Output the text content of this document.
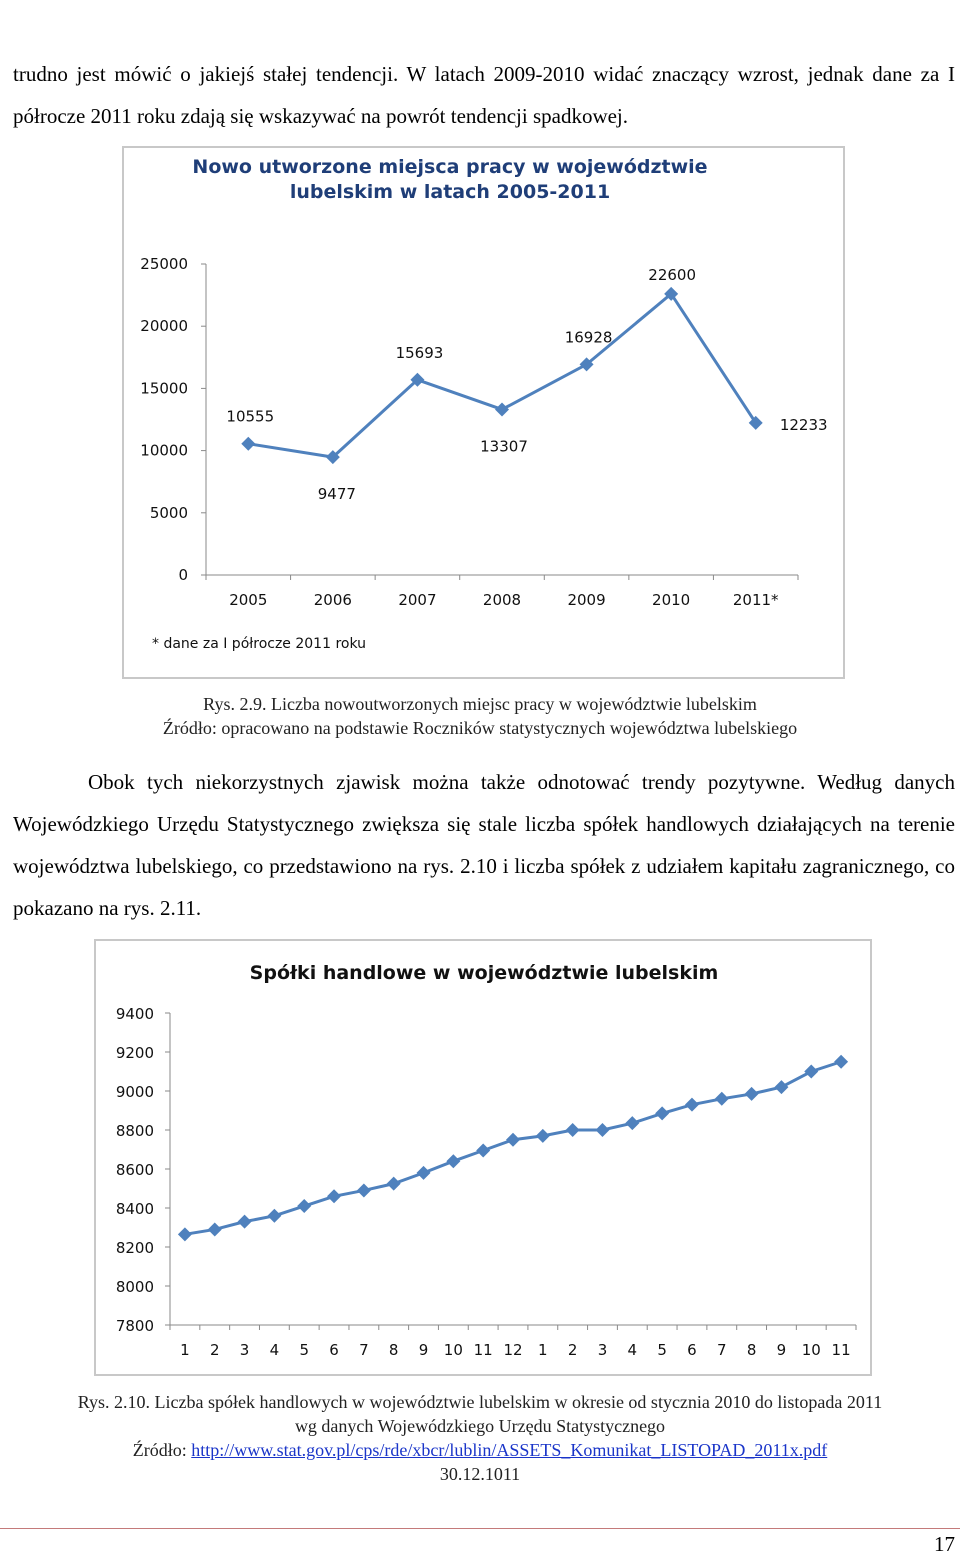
trudno jest mówić o jakiejś stałej tendencji. W latach 2009-2010 widać znaczący wzrost, jednak dane za I półrocze 2011 roku zdają się wskazywać na powrót tendencji spadkowej.

Nowo utworzone miejsca pracy w województwie
lubelskim w latach 2005-2011
0
5000
10000
15000
20000
25000
2005	2006	2007	2008	2009	2010	2011*
10555
9477
15693
13307
16928
22600
12233
* dane za I półrocze 2011 roku

Rys. 2.9. Liczba nowoutworzonych miejsc pracy w województwie lubelskim

Źródło: opracowano na podstawie Roczników statystycznych województwa lubelskiego

Obok tych niekorzystnych zjawisk można także odnotować trendy pozytywne. Według danych Wojewódzkiego Urzędu Statystycznego zwiększa się stale liczba spółek handlowych działających na terenie województwa lubelskiego, co przedstawiono na rys. 2.10 i liczba spółek z udziałem kapitału zagranicznego, co pokazano na rys. 2.11.

Spółki handlowe w województwie lubelskim
7800
8000
8200
8400
8600
8800
9000
9200
9400
1 2 3 4 5 6 7 8 9 10 11 12 1 2 3 4 5 6 7 8 9 10 11

Rys. 2.10. Liczba spółek handlowych w województwie lubelskim w okresie od stycznia 2010 do listopada 2011

wg danych Wojewódzkiego Urzędu Statystycznego

Źródło: http://www.stat.gov.pl/cps/rde/xbcr/lublin/ASSETS_Komunikat_LISTOPAD_2011x.pdf

30.12.1011

17
